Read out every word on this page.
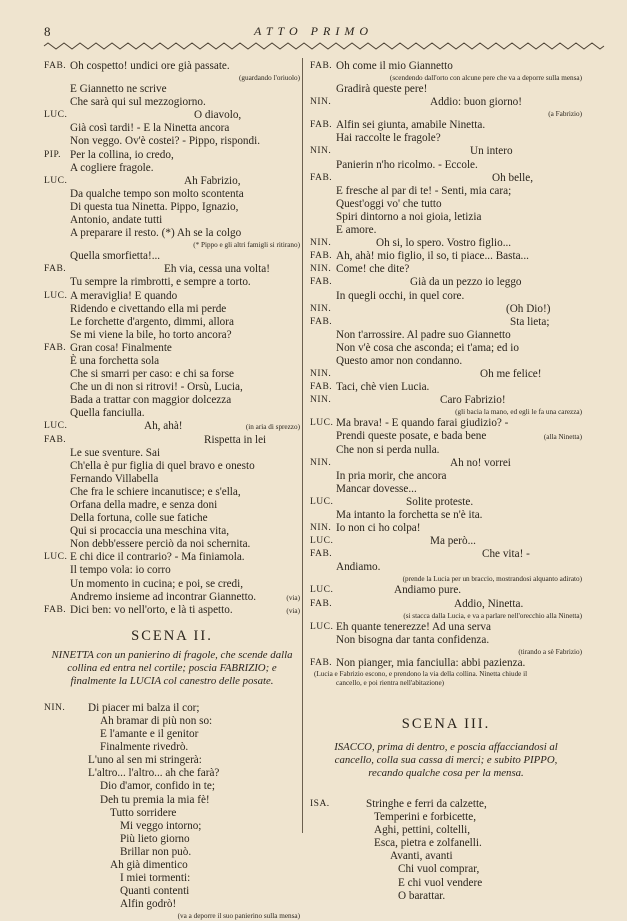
8	ATTO PRIMO
FAB. Oh cospetto! undici ore già passate.
(guardando l'oriuolo)
E Giannetto ne scrive
Che sarà qui sul mezzogiorno.
LUC.	O diavolo,
Già così tardi! - E la Ninetta ancora
Non veggo. Ov'è costei? - Pippo, rispondi.
PIP. Per la collina, io credo,
A cogliere fragole.
LUC.	Ah Fabrizio,
Da qualche tempo son molto scontenta
Di questa tua Ninetta. Pippo, Ignazio,
Antonio, andate tutti
A preparare il resto. (*) Ah se la colgo
(* Pippo e gli altri famigli si ritirano)
Quella smorfietta!...
FAB.	Eh via, cessa una volta!
Tu sempre la rimbrotti, e sempre a torto.
LUC. A meraviglia! E quando
Ridendo e civettando ella mi perde
Le forchette d'argento, dimmi, allora
Se mi viene la bile, ho torto ancora?
FAB. Gran cosa! Finalmente
È una forchetta sola
Che si smarri per caso: e chi sa forse
Che un di non si ritrovi! - Orsù, Lucia,
Bada a trattar con maggior dolcezza
Quella fanciulla.
LUC.	Ah, ahà!	(in aria di sprezzo)
FAB.	Rispetta in lei
Le sue sventure. Sai
Ch'ella è pur figlia di quel bravo e onesto
Fernando Villabella
Che fra le schiere incanutisce; e s'ella,
Orfana della madre, e senza doni
Della fortuna, colle sue fatiche
Qui si procaccia una meschina vita,
Non debb'essere perciò da noi schernita.
LUC. E chi dice il contrario? - Ma finiamola.
Il tempo vola: io corro
Un momento in cucina; e poi, se credi,
Andremo insieme ad incontrar Giannetto.	(via)
FAB. Dici ben: vo nell'orto, e là ti aspetto.	(via)
SCENA II.
NINETTA con un panierino di fragole, che scende dalla
collina ed entra nel cortile; poscia FABRIZIO; e
finalmente la LUCIA col canestro delle posate.
NIN. Di piacer mi balza il cor;
Ah bramar di più non so:
E l'amante e il genitor
Finalmente rivedrò.
L'uno al sen mi stringerà:
L'altro... l'altro... ah che farà?
Dio d'amor, confido in te;
Deh tu premia la mia fè!
Tutto sorridere
Mi veggo intorno;
Più lieto giorno
Brillar non può.
Ah già dimentico
I miei tormenti:
Quanti contenti
Alfin godrò!
(va a deporre il suo panierino sulla mensa)
FAB. Oh come il mio Giannetto
(scendendo dall'orto con alcune pere che va a deporre sulla mensa)
Gradirà queste pere!
NIN.	Addio: buon giorno!
(a Fabrizio)
FAB. Alfin sei giunta, amabile Ninetta.
Hai raccolte le fragole?
NIN.	Un intero
Panierin n'ho ricolmo. - Eccole.
FAB.	Oh belle,
E fresche al par di te! - Senti, mia cara;
Quest'oggi vo' che tutto
Spiri dintorno a noi gioia, letizia
E amore.
NIN.	Oh si, lo spero. Vostro figlio...
FAB. Ah, ahà! mio figlio, il so, ti piace... Basta...
NIN. Come! che dite?
FAB.	Già da un pezzo io leggo
In quegli occhi, in quel core.
NIN.	(Oh Dio!)
FAB.	Sta lieta;
Non t'arrossire. Al padre suo Giannetto
Non v'è cosa che asconda; ei t'ama; ed io
Questo amor non condanno.
NIN.	Oh me felice!
FAB. Taci, chè vien Lucia.
NIN.	Caro Fabrizio!
(gli bacia la mano, ed egli le fa una carezza)
LUC. Ma brava! - E quando farai giudizio? -
Prendi queste posate, e bada bene	(alla Ninetta)
Che non si perda nulla.
NIN.	Ah no! vorrei
In pria morir, che ancora
Mancar dovesse...
LUC.	Solite proteste.
Ma intanto la forchetta se n'è ita.
NIN. Io non ci ho colpa!
LUC.	Ma però...
FAB.	Che vita! -
Andiamo.
(prende la Lucia per un braccio, mostrandosi alquanto adirato)
LUC.	Andiamo pure.
FAB.	Addio, Ninetta.
(si stacca dalla Lucia, e va a parlare nell'orecchio alla Ninetta)
LUC. Eh quante tenerezze! Ad una serva
Non bisogna dar tanta confidenza.
(tirando a sè Fabrizio)
FAB. Non pianger, mia fanciulla: abbi pazienza.
(Lucia e Fabrizio escono, e prendono la via della collina. Ninetta chiude il
cancello, e poi rientra nell'abitazione)
SCENA III.
ISACCO, prima di dentro, e poscia affacciandosi al
cancello, colla sua cassa di merci; e subito PIPPO,
recando qualche cosa per la mensa.
ISA.	Stringhe e ferri da calzette,
Temperini e forbicette,
Aghi, pettini, coltelli,
Esca, pietra e zolfanelli.
Avanti, avanti
Chi vuol comprar,
E chi vuol vendere
O barattar.
